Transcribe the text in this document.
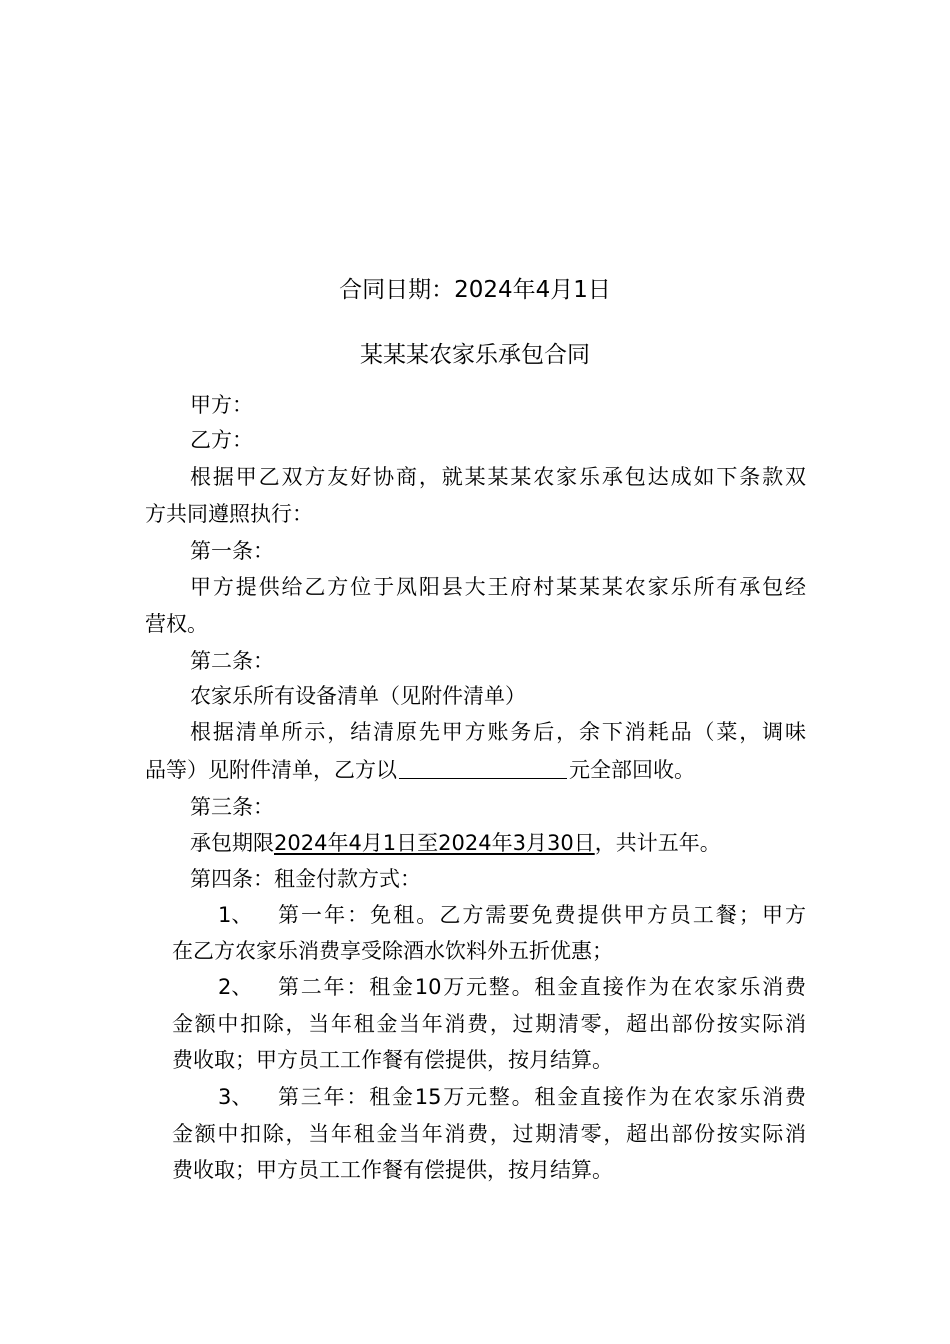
合同日期：2024年4月1日
某某某农家乐承包合同
甲方：
乙方：
根据甲乙双方友好协商，就某某某农家乐承包达成如下条款双
方共同遵照执行：
第一条：
甲方提供给乙方位于凤阳县大王府村某某某农家乐所有承包经
营权。
第二条：
农家乐所有设备清单（见附件清单）
根据清单所示，结清原先甲方账务后，余下消耗品（菜，调味
品等）见附件清单，乙方以	元全部回收。
第三条：
承包期限2024年4月1日至2024年3月30日，共计五年。
第四条：租金付款方式：
1、 第一年：免租。乙方需要免费提供甲方员工餐；甲方
在乙方农家乐消费享受除酒水饮料外五折优惠；
2、 第二年：租金10万元整。租金直接作为在农家乐消费
金额中扣除，当年租金当年消费，过期清零，超出部份按实际消
费收取；甲方员工工作餐有偿提供，按月结算。
3、 第三年：租金15万元整。租金直接作为在农家乐消费
金额中扣除，当年租金当年消费，过期清零，超出部份按实际消
费收取；甲方员工工作餐有偿提供，按月结算。
